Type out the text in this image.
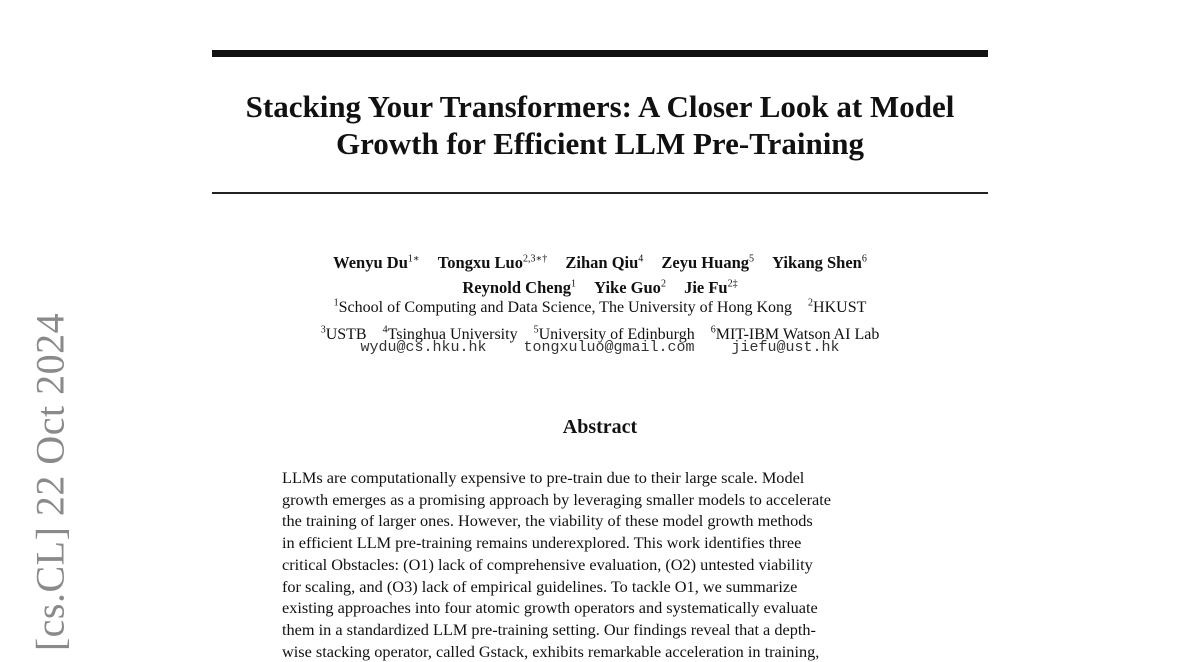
[cs.CL] 22 Oct 2024
Stacking Your Transformers: A Closer Look at Model
Growth for Efficient LLM Pre-Training
Wenyu $Du^{1∗}$ Tongxu Luo$^{2,3∗\dagger}$ Zihan Qiu$^4$ Zeyu Huang$^5$ Yikang Shen$^6$
Reynold Cheng$^1$ Yike Guo$^2$ Jie $Fu^{2\ddagger}$
$^1$School of Computing and Data Science, The University of Hong Kong $^2$HKUST
$^3$USTB $^4$Tsinghua University $^5$University of Edinburgh $^6$MIT-IBM Watson AI Lab
wydu@cs.hku.hk tongxuluo@gmail.com jiefu@ust.hk
Abstract
LLMs are computationally expensive to pre-train due to their large scale. Model
growth emerges as a promising approach by leveraging smaller models to accelerate
the training of larger ones. However, the viability of these model growth methods
in efficient LLM pre-training remains underexplored. This work identifies three
critical Obstacles: (O1) lack of comprehensive evaluation, (O2) untested viability
for scaling, and (O3) lack of empirical guidelines. To tackle O1, we summarize
existing approaches into four atomic growth operators and systematically evaluate
them in a standardized LLM pre-training setting. Our findings reveal that a depth-
wise stacking operator, called Gstack, exhibits remarkable acceleration in training,
